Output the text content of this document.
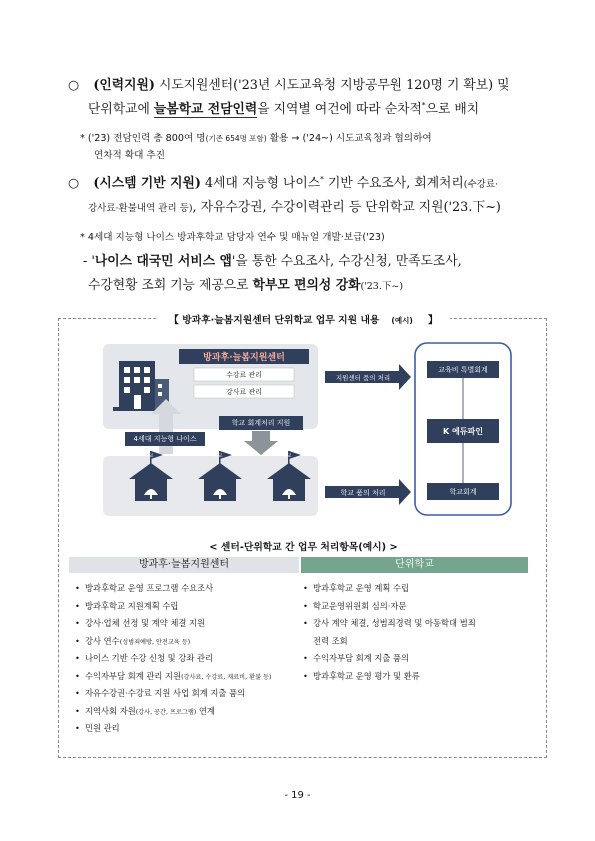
○ (인력지원) 시도지원센터('23년 시도교육청 지방공무원 120명 기 확보) 및
단위학교에 늘봄학교 전담인력을 지역별 여건에 따라 순차적*으로 배치
* ('23) 전담인력 총 800여 명(기존 654명 포함) 활용 → ('24~) 시도교육청과 협의하여
연차적 확대 추진
○ (시스템 기반 지원) 4세대 지능형 나이스* 기반 수요조사, 회계처리(수강료·
강사료·환불내역 관리 등), 자유수강권, 수강이력관리 등 단위학교 지원('23.下~)
* 4세대 지능형 나이스 방과후학교 담당자 연수 및 매뉴얼 개발·보급('23)
- '나이스 대국민 서비스 앱'을 통한 수요조사, 수강신청, 만족도조사,
수강현황 조회 기능 제공으로 학부모 편의성 강화('23.下~)
【 방과후·늘봄지원센터 단위학교 업무 지원 내용 (예시) 】
방과후·늘봄지원센터
수강료 관리
강사료 관리
지원센터 품의 처리
학교 품의 처리
4세대 지능형 나이스
학교 회계처리 지원
교육비 특별회계
K 에듀파인
학교회계
학교	학교	학교
< 센터-단위학교 간 업무 처리항목(예시) >
방과후·늘봄지원센터	단위학교
• 방과후학교 운영 프로그램 수요조사
• 방과후학교 지원계획 수립
• 강사·업체 선정 및 계약 체결 지원
• 강사 연수(성범죄예방, 안전교육 등)
• 나이스 기반 수강 신청 및 강좌 관리
• 수익자부담 회계 관리 지원(강사료, 수강료, 재료비, 환불 등)
• 자유수강권·수강료 지원 사업 회계 지출 품의
• 지역사회 자원(강사, 공간, 프로그램) 연계
• 민원 관리
• 방과후학교 운영 계획 수립
• 학교운영위원회 심의·자문
• 강사 계약 체결, 성범죄경력 및 아동학대 범죄
전력 조회
• 수익자부담 회계 지출 품의
• 방과후학교 운영 평가 및 환류
- 19 -
